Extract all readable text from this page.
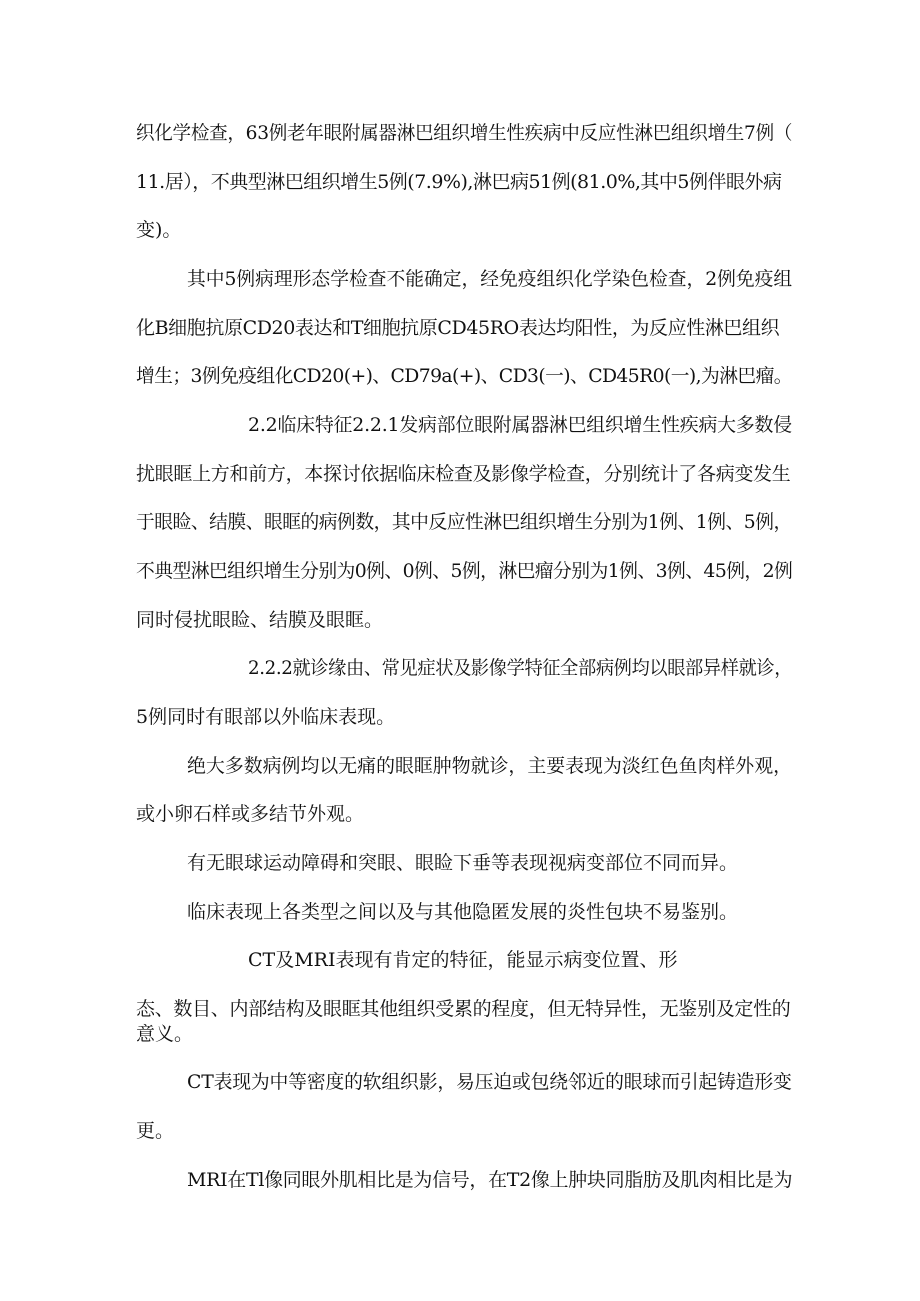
织化学检查，63例老年眼附属器淋巴组织增生性疾病中反应性淋巴组织增生7例（

11.居），不典型淋巴组织增生5例(7.9%),淋巴病51例(81.0%,其中5例伴眼外病

变)。

其中5例病理形态学检查不能确定，经免疫组织化学染色检查，2例免疫组

化B细胞抗原CD20表达和T细胞抗原CD45RO表达均阳性，为反应性淋巴组织

增生；3例免疫组化CD20(+)、CD79a(+)、CD3(一)、CD45R0(一),为淋巴瘤。

2.2临床特征2.2.1发病部位眼附属器淋巴组织增生性疾病大多数侵

扰眼眶上方和前方，本探讨依据临床检查及影像学检查，分别统计了各病变发生

于眼睑、结膜、眼眶的病例数，其中反应性淋巴组织增生分别为1例、1例、5例，

不典型淋巴组织增生分别为0例、0例、5例，淋巴瘤分别为1例、3例、45例，2例

同时侵扰眼睑、结膜及眼眶。

2.2.2就诊缘由、常见症状及影像学特征全部病例均以眼部异样就诊，

5例同时有眼部以外临床表现。

绝大多数病例均以无痛的眼眶肿物就诊，主要表现为淡红色鱼肉样外观，

或小卵石样或多结节外观。

有无眼球运动障碍和突眼、眼睑下垂等表现视病变部位不同而异。

临床表现上各类型之间以及与其他隐匿发展的炎性包块不易鉴别。

CT及MRI表现有肯定的特征，能显示病变位置、形

态、数目、内部结构及眼眶其他组织受累的程度，但无特异性，无鉴别及定性的

意义。

CT表现为中等密度的软组织影，易压迫或包绕邻近的眼球而引起铸造形变

更。

MRI在Tl像同眼外肌相比是为信号，在T2像上肿块同脂肪及肌肉相比是为
